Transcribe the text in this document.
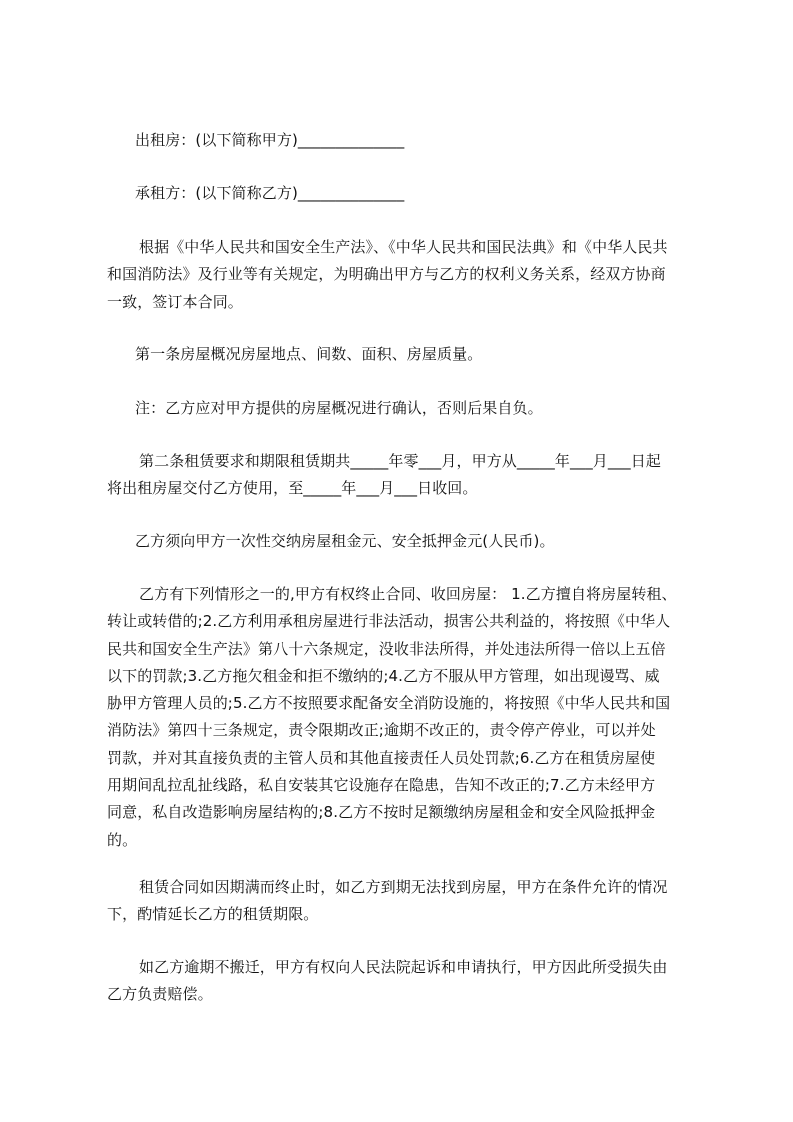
出租房：(以下简称甲方)______________

承租方：(以下简称乙方)______________

根据《中华人民共和国安全生产法》、《中华人民共和国民法典》和《中华人民共
和国消防法》及行业等有关规定，为明确出甲方与乙方的权利义务关系，经双方协商
一致，签订本合同。

第一条房屋概况房屋地点、间数、面积、房屋质量。

注：乙方应对甲方提供的房屋概况进行确认，否则后果自负。

第二条租赁要求和期限租赁期共_____年零___月，甲方从_____年___月___日起
将出租房屋交付乙方使用，至_____年___月___日收回。

乙方须向甲方一次性交纳房屋租金元、安全抵押金元(人民币)。

乙方有下列情形之一的,甲方有权终止合同、收回房屋： 1.乙方擅自将房屋转租、
转让或转借的;2.乙方利用承租房屋进行非法活动，损害公共利益的，将按照《中华人
民共和国安全生产法》第八十六条规定，没收非法所得，并处违法所得一倍以上五倍
以下的罚款;3.乙方拖欠租金和拒不缴纳的;4.乙方不服从甲方管理，如出现谩骂、威
胁甲方管理人员的;5.乙方不按照要求配备安全消防设施的，将按照《中华人民共和国
消防法》第四十三条规定，责令限期改正;逾期不改正的，责令停产停业，可以并处
罚款，并对其直接负责的主管人员和其他直接责任人员处罚款;6.乙方在租赁房屋使
用期间乱拉乱扯线路，私自安装其它设施存在隐患，告知不改正的;7.乙方未经甲方
同意，私自改造影响房屋结构的;8.乙方不按时足额缴纳房屋租金和安全风险抵押金
的。

租赁合同如因期满而终止时，如乙方到期无法找到房屋，甲方在条件允许的情况
下，酌情延长乙方的租赁期限。

如乙方逾期不搬迁，甲方有权向人民法院起诉和申请执行，甲方因此所受损失由
乙方负责赔偿。
